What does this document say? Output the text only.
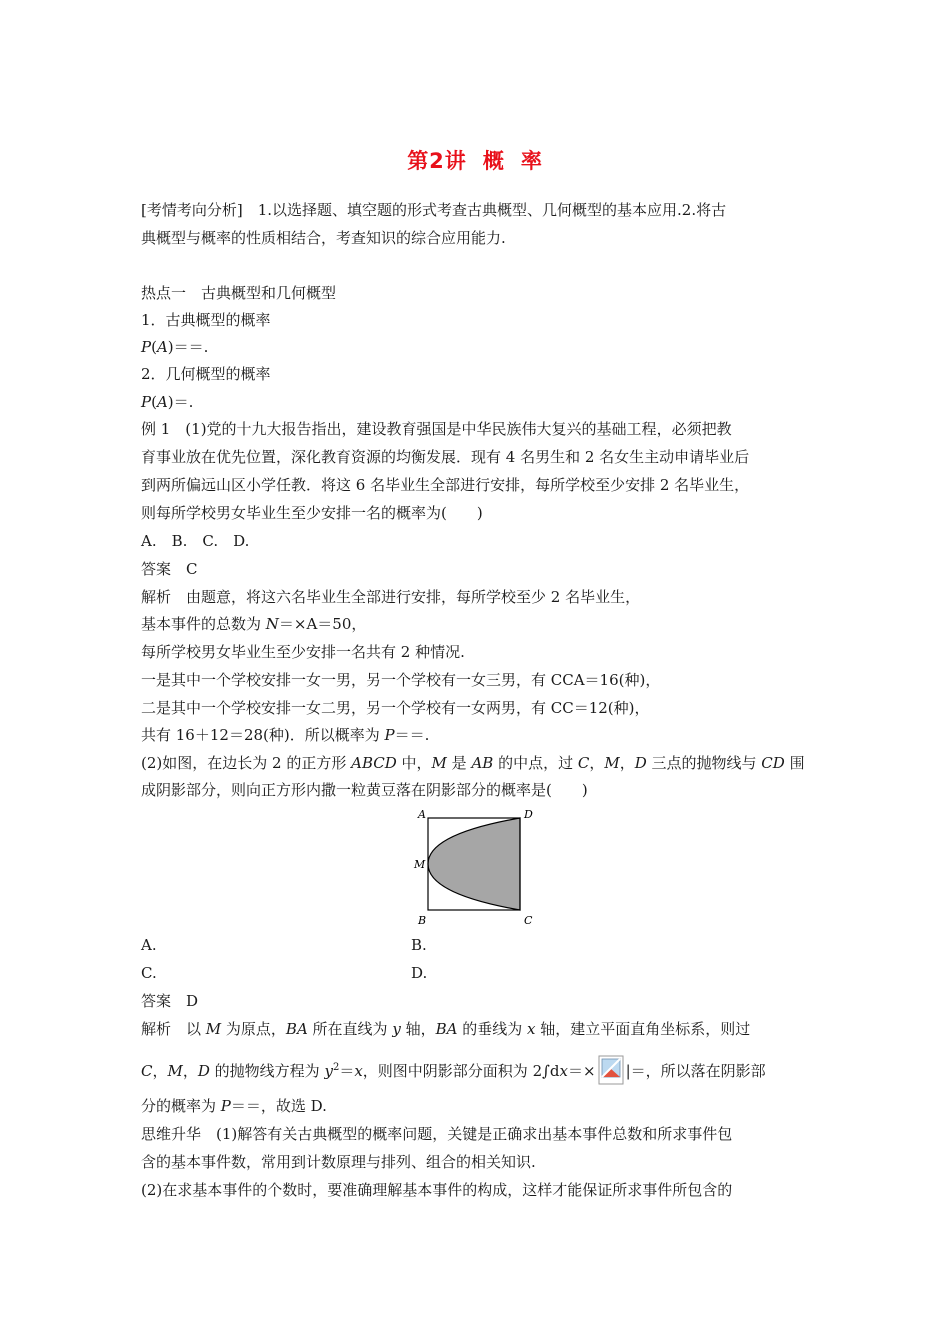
第2讲 概 率
[考情考向分析]　1.以选择题、填空题的形式考查古典概型、几何概型的基本应用.2.将古
典概型与概率的性质相结合，考查知识的综合应用能力.
热点一　古典概型和几何概型
1．古典概型的概率
P(A)＝＝.
2．几何概型的概率
P(A)＝.
例 1　(1)党的十九大报告指出，建设教育强国是中华民族伟大复兴的基础工程，必须把教
育事业放在优先位置，深化教育资源的均衡发展．现有 4 名男生和 2 名女生主动申请毕业后
到两所偏远山区小学任教．将这 6 名毕业生全部进行安排，每所学校至少安排 2 名毕业生，
则每所学校男女毕业生至少安排一名的概率为(　　)
A.　B.　C.　D.
答案　C
解析　由题意，将这六名毕业生全部进行安排，每所学校至少 2 名毕业生，
基本事件的总数为 N＝×A＝50，
每所学校男女毕业生至少安排一名共有 2 种情况.
一是其中一个学校安排一女一男，另一个学校有一女三男，有 CCA＝16(种)，
二是其中一个学校安排一女二男，另一个学校有一女两男，有 CC＝12(种)，
共有 16＋12＝28(种)．所以概率为 P＝＝.
(2)如图，在边长为 2 的正方形 ABCD 中，M 是 AB 的中点，过 C，M，D 三点的抛物线与 CD 围
成阴影部分，则向正方形内撒一粒黄豆落在阴影部分的概率是(　　)
A
M
B
D
C
A.	B.
C.	D.
答案　D
解析　以 M 为原点，BA 所在直线为 y 轴，BA 的垂线为 x 轴，建立平面直角坐标系，则过
C，M，D 的抛物线方程为 $y^2=x$，则图中阴影部分面积为 2∫dx＝× |＝，所以落在阴影部
分的概率为 P＝＝，故选 D.
思维升华　(1)解答有关古典概型的概率问题，关键是正确求出基本事件总数和所求事件包
含的基本事件数，常用到计数原理与排列、组合的相关知识.
(2)在求基本事件的个数时，要准确理解基本事件的构成，这样才能保证所求事件所包含的
